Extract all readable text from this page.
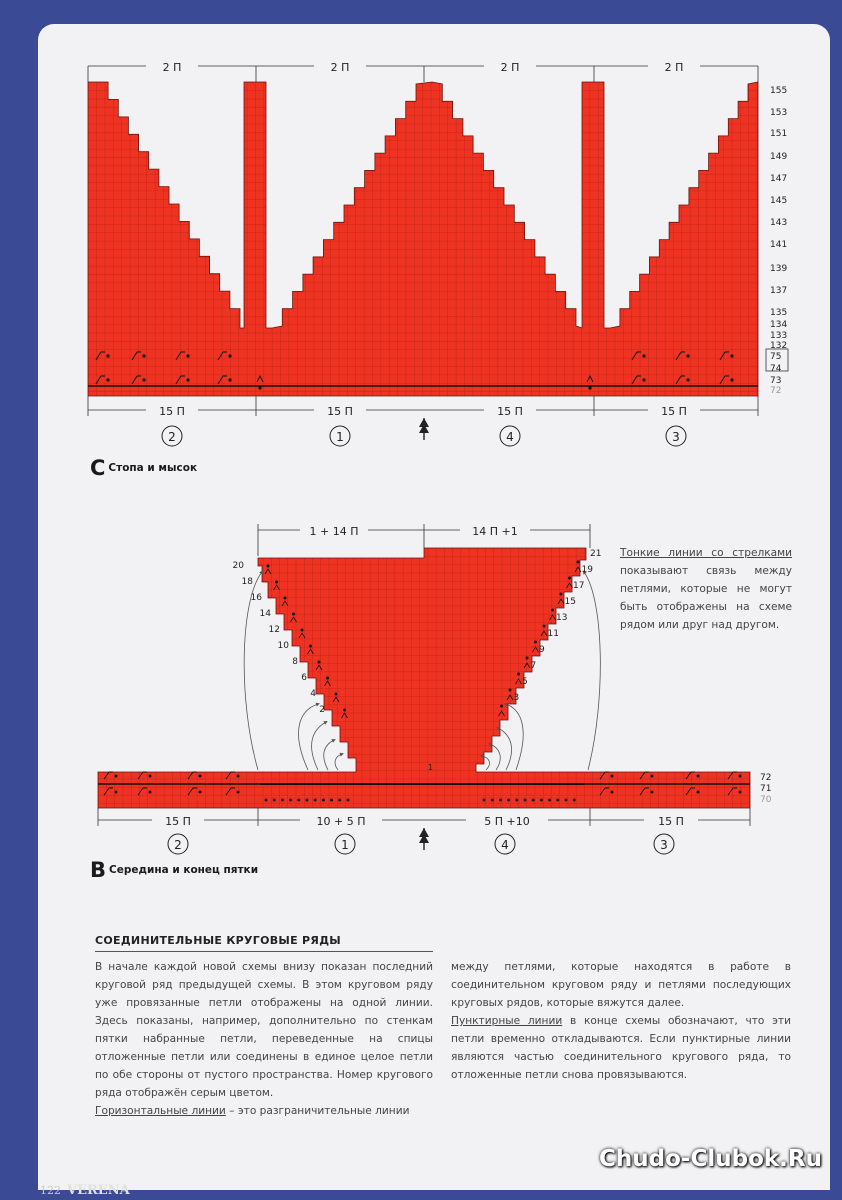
2 П	2 П	2 П	2 П
15 П	15 П	15 П	15 П
2	1	4	3
155
153
151
149
147
145
143
141
139
137
135
134
133
132
75
74
73
72
1 + 14 П	14 П +1
15 П	10 + 5 П	5 П +10	15 П
2	1	4	3
20
18
16
14
12
10
8
6
4
2
21
19
17
15
13
11
9
7
5
3
1
72
71
70
C Стопа и мысок
B Середина и конец пятки
Тонкие линии со стрелками показывают связь между петлями, которые не могут быть отображены на схеме рядом или друг над другом.
СОЕДИНИТЕЛЬНЫЕ КРУГОВЫЕ РЯДЫ
В начале каждой новой схемы внизу показан последний круговой ряд предыдущей схемы. В этом круговом ряду уже провязанные петли отображены на одной линии. Здесь показаны, например, дополнительно по стенкам пятки набранные петли, переведенные на спицы отложенные петли или соединены в единое целое петли по обе стороны от пустого пространства. Номер кругового ряда отображён серым цветом.
Горизонтальные линии – это разграничительные линии
между петлями, которые находятся в работе в соединительном круговом ряду и петлями последующих круговых рядов, которые вяжутся далее.
Пунктирные линии в конце схемы обозначают, что эти петли временно откладываются. Если пунктирные линии являются частью соединительного кругового ряда, то отложенные петли снова провязываются.
Chudo-Clubok.Ru
122 VERENA
